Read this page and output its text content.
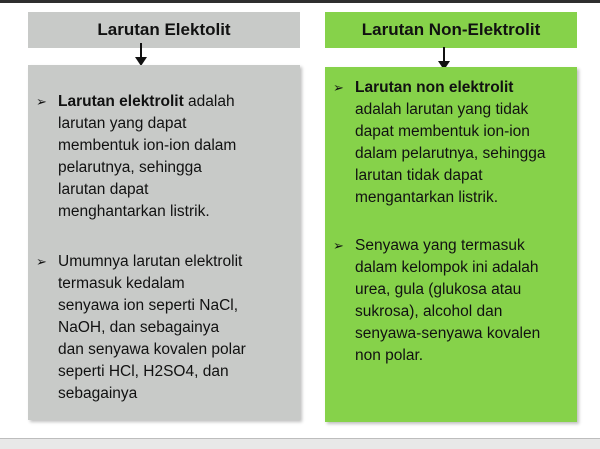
Larutan Elektolit
➢ Larutan elektrolit adalah
larutan yang dapat
membentuk ion-ion dalam
pelarutnya, sehingga
larutan dapat
menghantarkan listrik.
➢ Umumnya larutan elektrolit
termasuk kedalam
senyawa ion seperti NaCl,
NaOH, dan sebagainya
dan senyawa kovalen polar
seperti HCl, H2SO4, dan
sebagainya
Larutan Non-Elektrolit
➢ Larutan non elektrolit
adalah larutan yang tidak
dapat membentuk ion-ion
dalam pelarutnya, sehingga
larutan tidak dapat
mengantarkan listrik.
➢ Senyawa yang termasuk
dalam kelompok ini adalah
urea, gula (glukosa atau
sukrosa), alcohol dan
senyawa-senyawa kovalen
non polar.
